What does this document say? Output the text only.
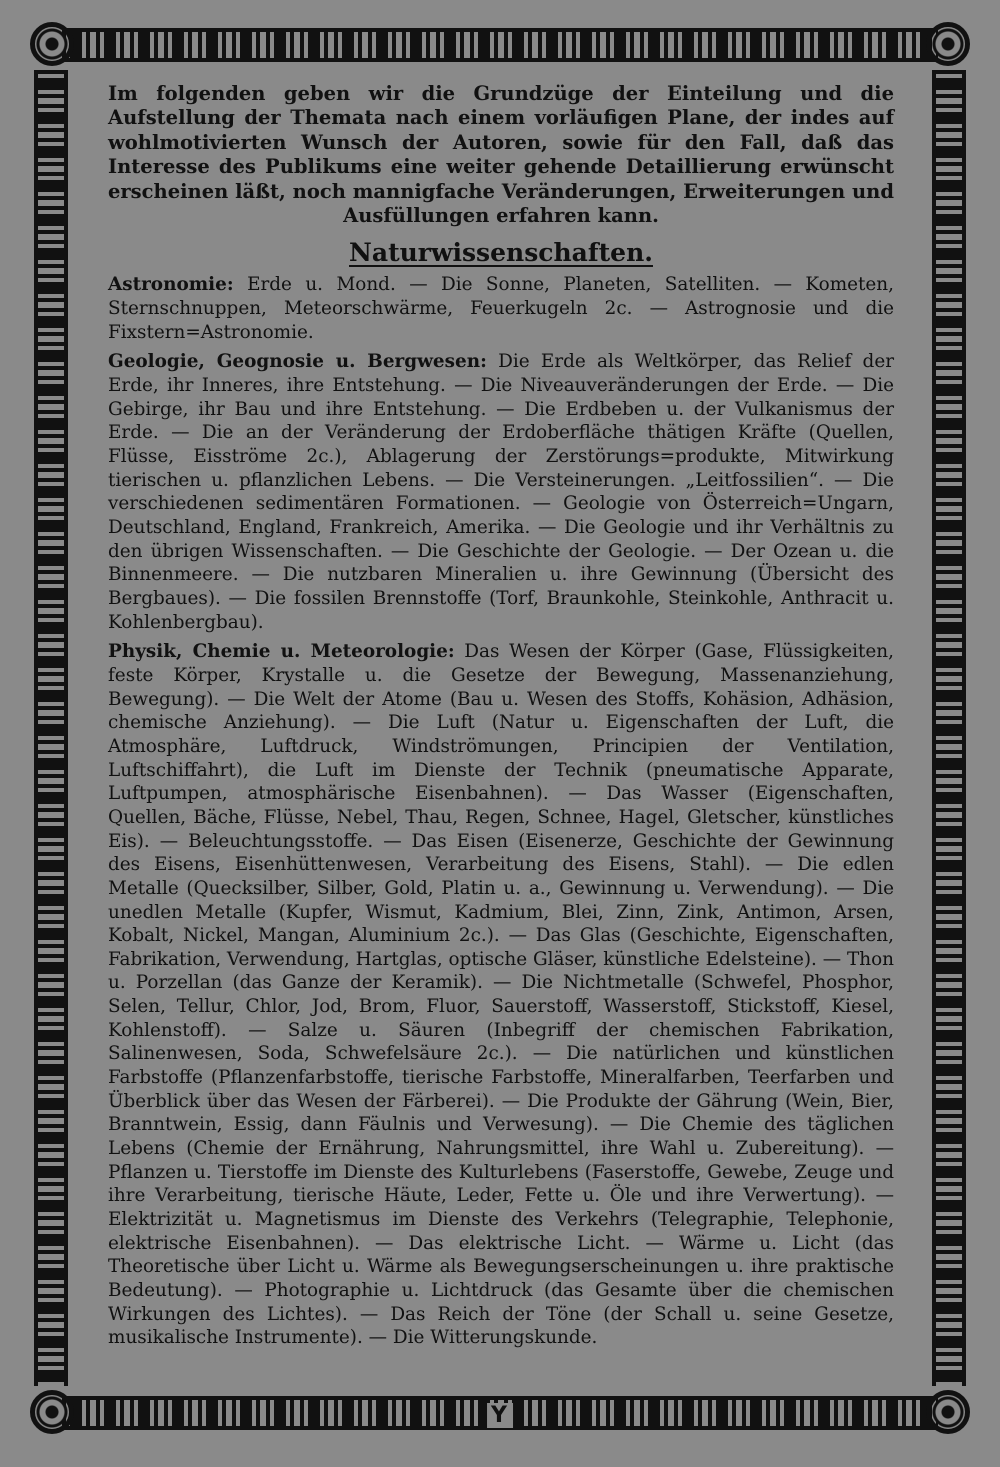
Y

Im folgenden geben wir die Grundzüge der Einteilung und die Aufstellung der Themata nach einem vorläufigen Plane, der indes auf wohlmotivierten Wunsch der Autoren, sowie für den Fall, daß das Interesse des Publikums eine weiter gehende Detaillierung erwünscht erscheinen läßt, noch mannigfache Veränderungen, Erweiterungen und Ausfüllungen erfahren kann.

Naturwissenschaften.

Astronomie: Erde u. Mond. — Die Sonne, Planeten, Satelliten. — Kometen, Sternschnuppen, Meteorschwärme, Feuerkugeln 2c. — Astrognosie und die Fixstern=Astronomie.

Geologie, Geognosie u. Bergwesen: Die Erde als Weltkörper, das Relief der Erde, ihr Inneres, ihre Entstehung. — Die Niveauveränderungen der Erde. — Die Gebirge, ihr Bau und ihre Entstehung. — Die Erdbeben u. der Vulkanismus der Erde. — Die an der Veränderung der Erdoberfläche thätigen Kräfte (Quellen, Flüsse, Eisströme 2c.), Ablagerung der Zerstörungs=produkte, Mitwirkung tierischen u. pflanzlichen Lebens. — Die Versteinerungen. „Leitfossilien“. — Die verschiedenen sedimentären Formationen. — Geologie von Österreich=Ungarn, Deutschland, England, Frankreich, Amerika. — Die Geologie und ihr Verhältnis zu den übrigen Wissenschaften. — Die Geschichte der Geologie. — Der Ozean u. die Binnenmeere. — Die nutzbaren Mineralien u. ihre Gewinnung (Übersicht des Bergbaues). — Die fossilen Brennstoffe (Torf, Braunkohle, Steinkohle, Anthracit u. Kohlenbergbau).

Physik, Chemie u. Meteorologie: Das Wesen der Körper (Gase, Flüssigkeiten, feste Körper, Krystalle u. die Gesetze der Bewegung, Massenanziehung, Bewegung). — Die Welt der Atome (Bau u. Wesen des Stoffs, Kohäsion, Adhäsion, chemische Anziehung). — Die Luft (Natur u. Eigenschaften der Luft, die Atmosphäre, Luftdruck, Windströmungen, Principien der Ventilation, Luftschiffahrt), die Luft im Dienste der Technik (pneumatische Apparate, Luftpumpen, atmosphärische Eisenbahnen). — Das Wasser (Eigenschaften, Quellen, Bäche, Flüsse, Nebel, Thau, Regen, Schnee, Hagel, Gletscher, künstliches Eis). — Beleuchtungsstoffe. — Das Eisen (Eisenerze, Geschichte der Gewinnung des Eisens, Eisenhüttenwesen, Verarbeitung des Eisens, Stahl). — Die edlen Metalle (Quecksilber, Silber, Gold, Platin u. a., Gewinnung u. Verwendung). — Die unedlen Metalle (Kupfer, Wismut, Kadmium, Blei, Zinn, Zink, Antimon, Arsen, Kobalt, Nickel, Mangan, Aluminium 2c.). — Das Glas (Geschichte, Eigenschaften, Fabrikation, Verwendung, Hartglas, optische Gläser, künstliche Edelsteine). — Thon u. Porzellan (das Ganze der Keramik). — Die Nichtmetalle (Schwefel, Phosphor, Selen, Tellur, Chlor, Jod, Brom, Fluor, Sauerstoff, Wasserstoff, Stickstoff, Kiesel, Kohlenstoff). — Salze u. Säuren (Inbegriff der chemischen Fabrikation, Salinenwesen, Soda, Schwefelsäure 2c.). — Die natürlichen und künstlichen Farbstoffe (Pflanzenfarbstoffe, tierische Farbstoffe, Mineralfarben, Teerfarben und Überblick über das Wesen der Färberei). — Die Produkte der Gährung (Wein, Bier, Branntwein, Essig, dann Fäulnis und Verwesung). — Die Chemie des täglichen Lebens (Chemie der Ernährung, Nahrungsmittel, ihre Wahl u. Zubereitung). — Pflanzen u. Tierstoffe im Dienste des Kulturlebens (Faserstoffe, Gewebe, Zeuge und ihre Verarbeitung, tierische Häute, Leder, Fette u. Öle und ihre Verwertung). — Elektrizität u. Magnetismus im Dienste des Verkehrs (Telegraphie, Telephonie, elektrische Eisenbahnen). — Das elektrische Licht. — Wärme u. Licht (das Theoretische über Licht u. Wärme als Bewegungserscheinungen u. ihre praktische Bedeutung). — Photographie u. Lichtdruck (das Gesamte über die chemischen Wirkungen des Lichtes). — Das Reich der Töne (der Schall u. seine Gesetze, musikalische Instrumente). — Die Witterungskunde.
